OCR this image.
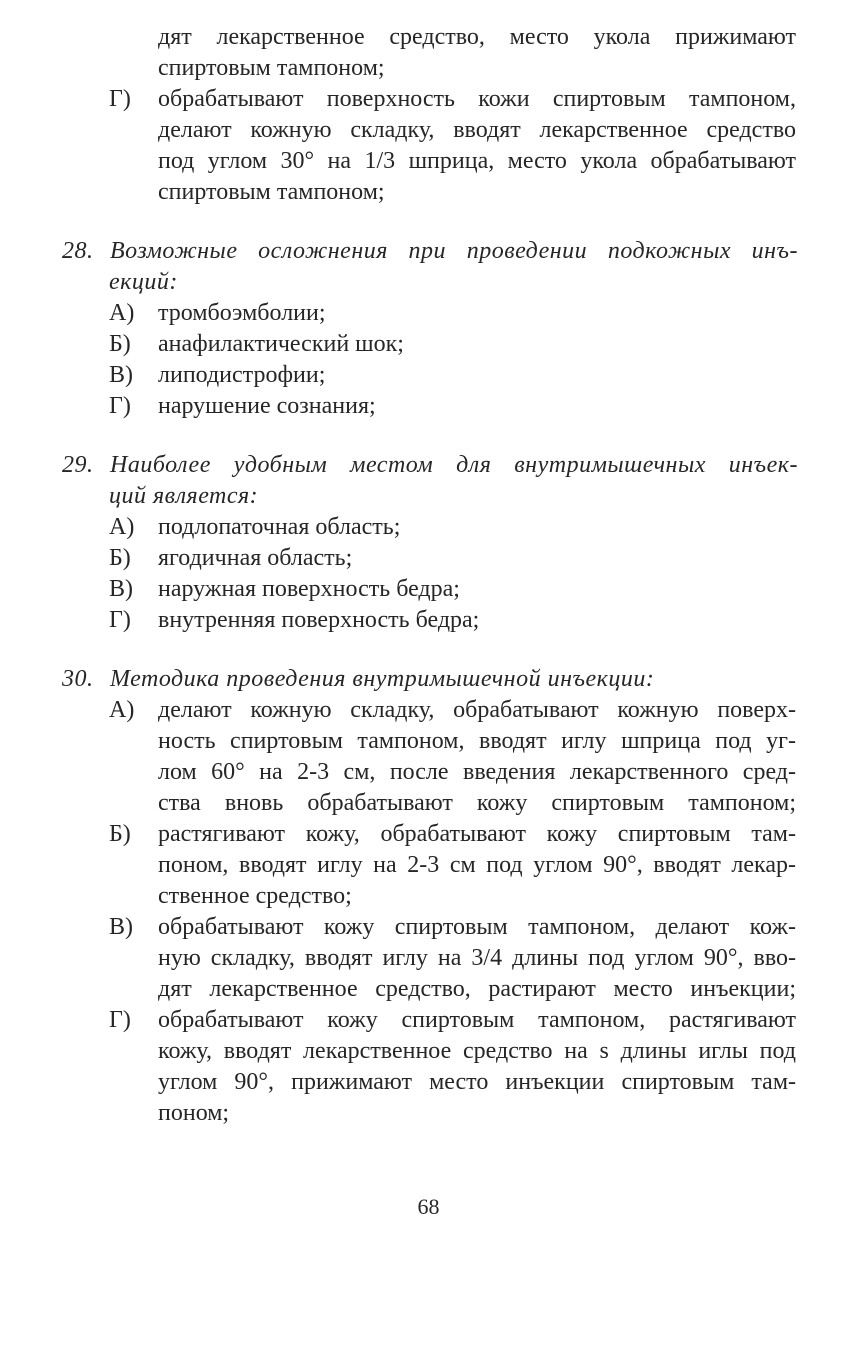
дят лекарственное средство, место укола прижимают
спиртовым тампоном;
Г) обрабатывают поверхность кожи спиртовым тампоном,
делают кожную складку, вводят лекарственное средство
под углом 30° на 1/3 шприца, место укола обрабатывают
спиртовым тампоном;
28. Возможные осложнения при проведении подкожных инъ-
екций:
А) тромбоэмболии;
Б) анафилактический шок;
В) липодистрофии;
Г) нарушение сознания;
29. Наиболее удобным местом для внутримышечных инъек-
ций является:
А) подлопаточная область;
Б) ягодичная область;
В) наружная поверхность бедра;
Г) внутренняя поверхность бедра;
30. Методика проведения внутримышечной инъекции:
А) делают кожную складку, обрабатывают кожную поверх-
ность спиртовым тампоном, вводят иглу шприца под уг-
лом 60° на 2-3 см, после введения лекарственного сред-
ства вновь обрабатывают кожу спиртовым тампоном;
Б) растягивают кожу, обрабатывают кожу спиртовым там-
поном, вводят иглу на 2-3 см под углом 90°, вводят лекар-
ственное средство;
В) обрабатывают кожу спиртовым тампоном, делают кож-
ную складку, вводят иглу на 3/4 длины под углом 90°, вво-
дят лекарственное средство, растирают место инъекции;
Г) обрабатывают кожу спиртовым тампоном, растягивают
кожу, вводят лекарственное средство на s длины иглы под
углом 90°, прижимают место инъекции спиртовым там-
поном;
68
